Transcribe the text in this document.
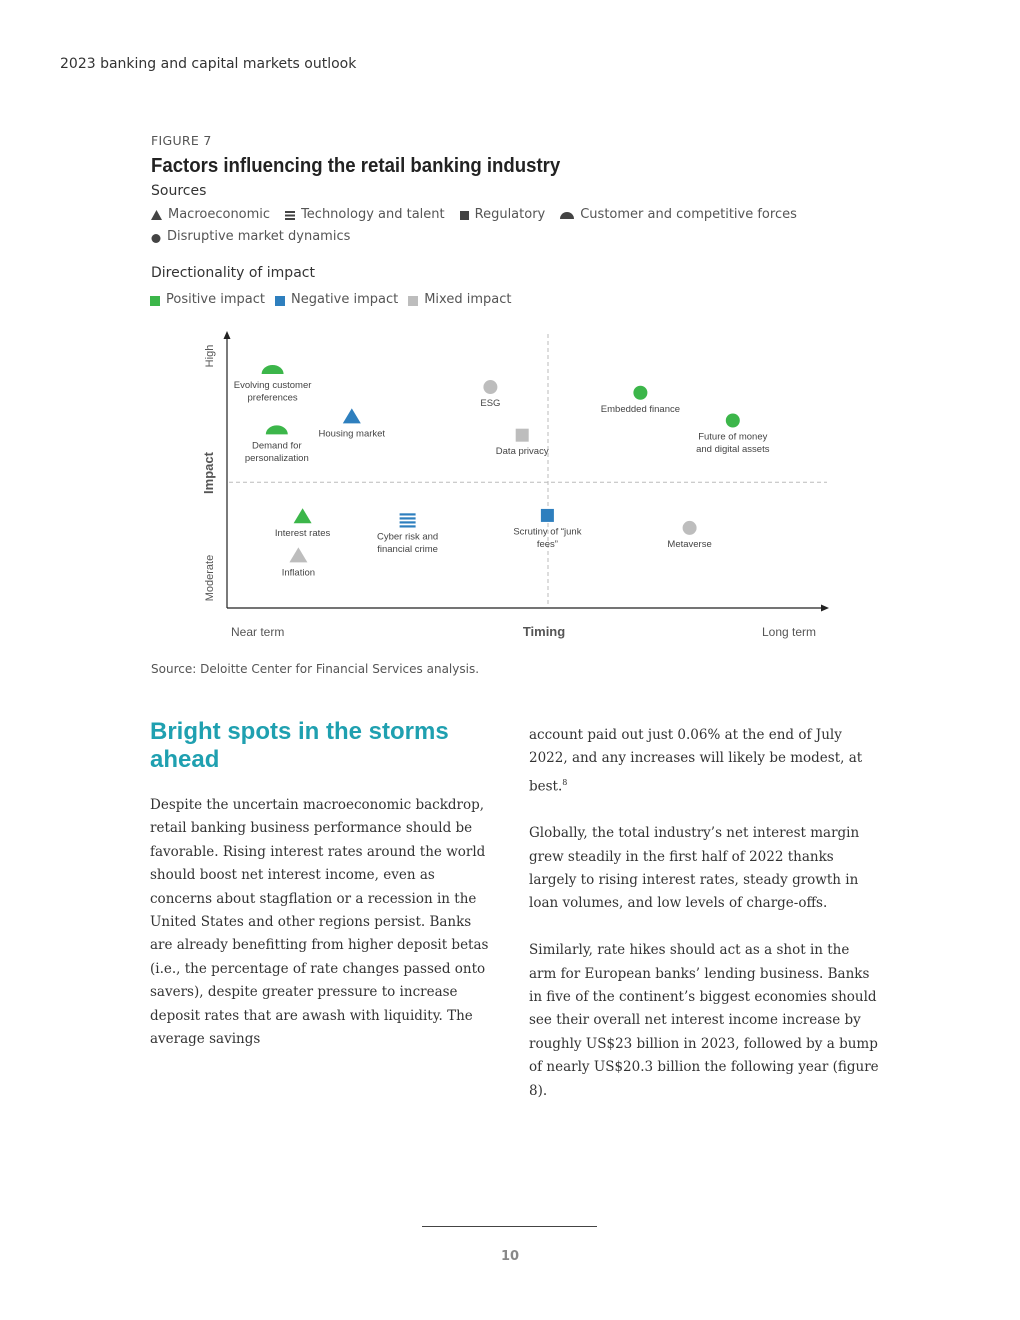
2023 banking and capital markets outlook
FIGURE 7
Factors influencing the retail banking industry
Sources
Macroeconomic Technology and talent Regulatory	Customer and competitive forces
Disruptive market dynamics
Directionality of impact
Positive impact Negative impact Mixed impact
High
Moderate
Impact
Near term	Long term
Timing
Evolving customer preferences
Demand for personalization
Housing market
ESG
Data privacy
Embedded finance
Future of money and digital assets
Interest rates	Cyber risk and financial crime
Inflation
Scrutiny of “junk fees”	Metaverse
Source: Deloitte Center for Financial Services analysis.
Bright spots in the storms ahead

Despite the uncertain macroeconomic backdrop, retail banking business performance should be favorable. Rising interest rates around the world should boost net interest income, even as concerns about stagflation or a recession in the United States and other regions persist. Banks are already benefitting from higher deposit betas (i.e., the percentage of rate changes passed onto savers), despite greater pressure to increase deposit rates that are awash with liquidity. The average savings

account paid out just 0.06% at the end of July 2022, and any increases will likely be modest, at best.$^8$

Globally, the total industry’s net interest margin grew steadily in the first half of 2022 thanks largely to rising interest rates, steady growth in loan volumes, and low levels of charge-offs.

Similarly, rate hikes should act as a shot in the arm for European banks’ lending business. Banks in five of the continent’s biggest economies should see their overall net interest income increase by roughly US$23 billion in 2023, followed by a bump of nearly US$20.3 billion the following year (figure 8).

10
